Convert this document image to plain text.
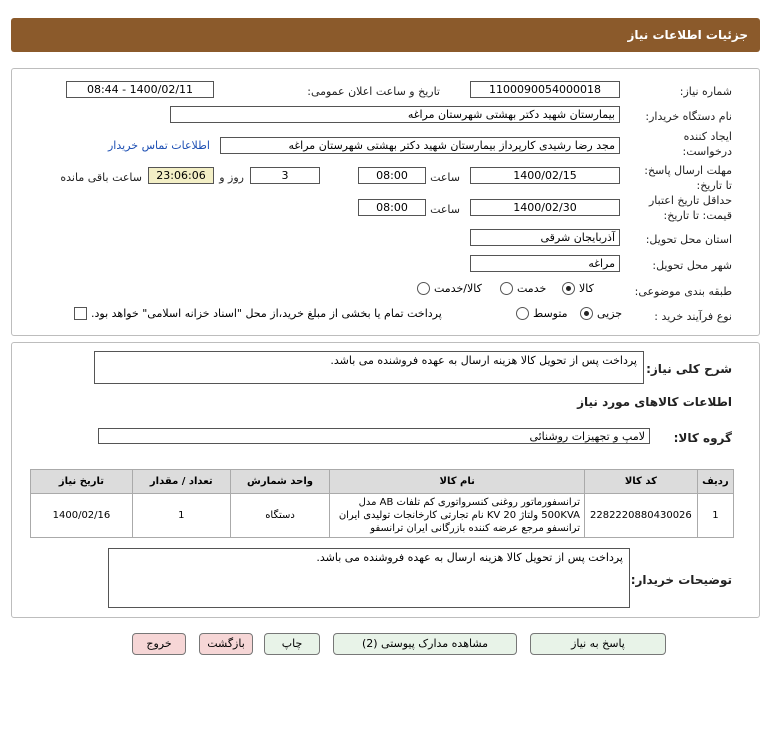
جزئیات اطلاعات نیاز
شماره نیاز:
1100090054000018
تاریخ و ساعت اعلان عمومی:
1400/02/11 - 08:44
نام دستگاه خریدار:
بیمارستان شهید دکتر بهشتی شهرستان مراغه
ایجاد کننده
درخواست:
مجد رضا رشیدی کارپرداز بیمارستان شهید دکتر بهشتی شهرستان مراغه
اطلاعات تماس خریدار
مهلت ارسال پاسخ:
تا تاریخ:
1400/02/15
ساعت
08:00
3
روز و
23:06:06
ساعت باقی مانده
حداقل تاریخ اعتبار
قیمت: تا تاریخ:
1400/02/30
ساعت
08:00
استان محل تحویل:
آذربایجان شرقی
شهر محل تحویل:
مراغه
طبقه بندی موضوعی:
کالا
خدمت
کالا/خدمت
نوع فرآیند خرید :
جزیی
متوسط
پرداخت تمام یا بخشی از مبلغ خرید،از محل "اسناد خزانه اسلامی" خواهد بود.
شرح کلی نیاز:
پرداخت پس از تحویل کالا هزینه ارسال به عهده فروشنده می باشد.
اطلاعات کالاهای مورد نیاز
گروه کالا:
لامپ و تجهیزات روشنائی
ردیف	کد کالا	نام کالا	واحد شمارش	تعداد / مقدار	تاریخ نیاز
1	2282220880430026	ترانسفورماتور روغنی کنسرواتوری کم تلفات AB مدل
500KVA ولتاژ 20 KV نام تجارتی کارخانجات تولیدی ایران
ترانسفو مرجع عرضه کننده بازرگانی ایران ترانسفو	دستگاه	1	1400/02/16
توضیحات خریدار:
پرداخت پس از تحویل کالا هزینه ارسال به عهده فروشنده می باشد.
پاسخ به نیاز
مشاهده مدارک پیوستی (2)
چاپ
بازگشت
خروج
